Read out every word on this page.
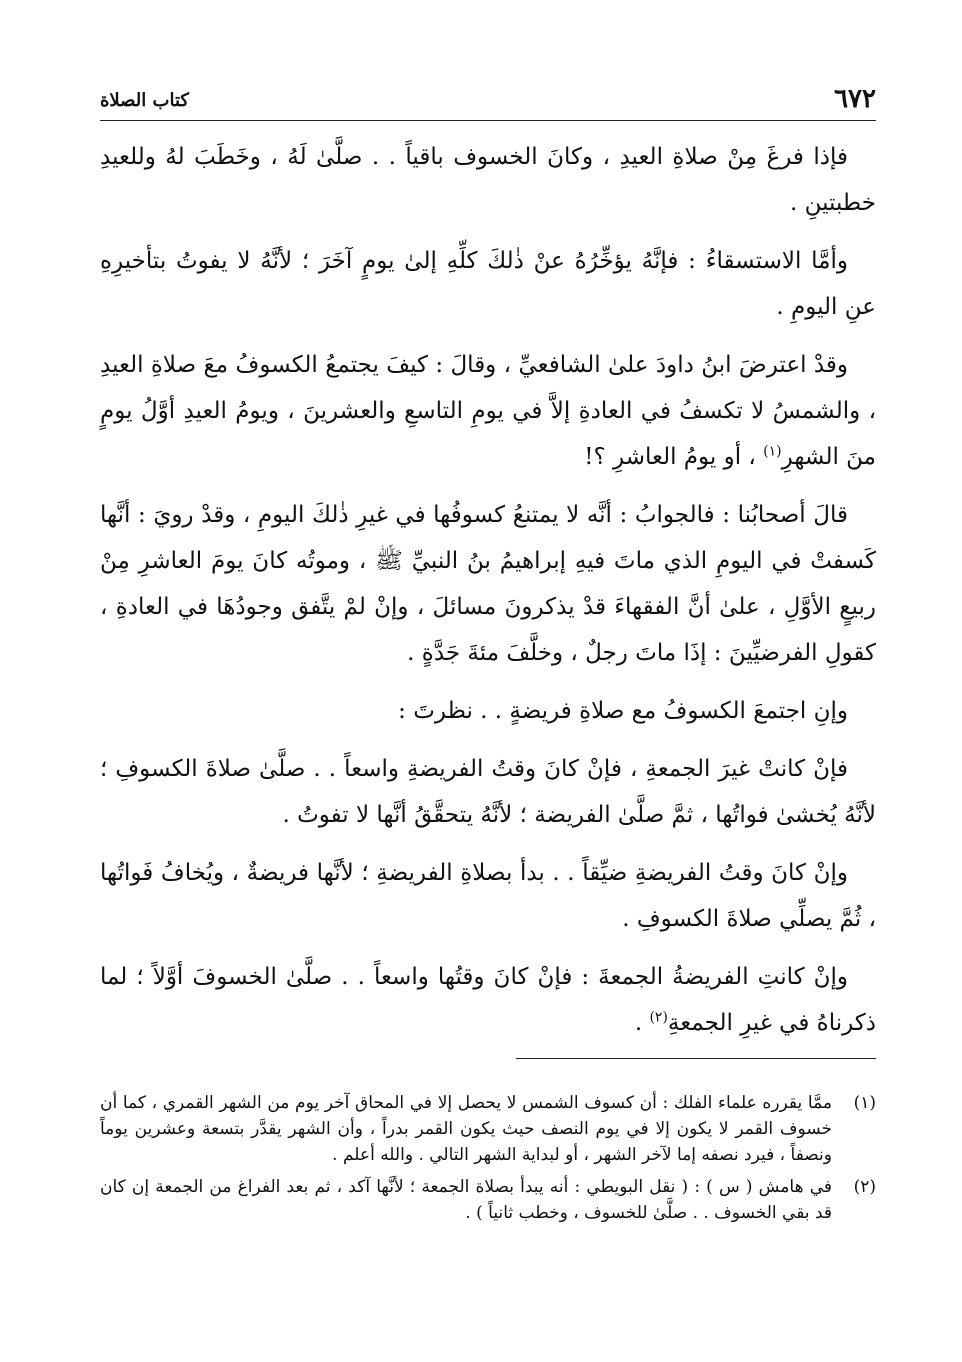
٦٧٢
كتاب الصلاة

فإذا فرغَ مِنْ صلاةِ العيدِ ، وكانَ الخسوف باقياً . . صلَّىٰ لَهُ ، وخَطَبَ لهُ وللعيدِ خطبتينِ .

وأمَّا الاستسقاءُ : فإنَّهُ يؤخِّرُهُ عنْ ذٰلكَ كلِّهِ إلىٰ يومٍ آخَرَ ؛ لأنَّهُ لا يفوتُ بتأخيرِهِ عنِ اليومِ .

وقدْ اعترضَ ابنُ داودَ علىٰ الشافعيِّ ، وقالَ : كيفَ يجتمعُ الكسوفُ معَ صلاةِ العيدِ ، والشمسُ لا تكسفُ في العادةِ إلاَّ في يومِ التاسعِ والعشرينَ ، ويومُ العيدِ أوَّلُ يومٍ منَ الشهرِ$^{(١)}$ ، أو يومُ العاشرِ ؟!

قالَ أصحابُنا : فالجوابُ : أنَّه لا يمتنعُ كسوفُها في غيرِ ذٰلكَ اليومِ ، وقدْ رويَ : أنَّها كَسفتْ في اليومِ الذي ماتَ فيهِ إبراهيمُ بنُ النبيِّ ﷺ ، وموتُه كانَ يومَ العاشرِ مِنْ ربيعٍ الأوَّلِ ، علىٰ أنَّ الفقهاءَ قدْ يذكرونَ مسائلَ ، وإنْ لمْ يتَّفق وجودُهَا في العادةِ ، كقولِ الفرضيِّينَ : إذَا ماتَ رجلٌ ، وخلَّفَ مئةَ جَدَّةٍ .

وإنِ اجتمعَ الكسوفُ مع صلاةِ فريضةٍ . . نظرتَ :

فإنْ كانتْ غيرَ الجمعةِ ، فإنْ كانَ وقتُ الفريضةِ واسعاً . . صلَّىٰ صلاةَ الكسوفِ ؛ لأنَّهُ يُخشىٰ فواتُها ، ثمَّ صلَّىٰ الفريضة ؛ لأنَّهُ يتحقَّقُ أنَّها لا تفوتُ .

وإنْ كانَ وقتُ الفريضةِ ضيِّقاً . . بدأ بصلاةِ الفريضةِ ؛ لأنَّها فريضةٌ ، ويُخافُ فَواتُها ، ثُمَّ يصلِّي صلاةَ الكسوفِ .

وإنْ كانتِ الفريضةُ الجمعةَ : فإنْ كانَ وقتُها واسعاً . . صلَّىٰ الخسوفَ أوَّلاً ؛ لما ذكرناهُ في غيرِ الجمعةِ$^{(٢)}$ .

(١)
ممَّا يقرره علماء الفلك : أن كسوف الشمس لا يحصل إلا في المحاق آخر يوم من الشهر القمري ، كما أن خسوف القمر لا يكون إلا في يوم النصف حيث يكون القمر بدراً ، وأن الشهر يقدَّر بتسعة وعشرين يوماً ونصفاً ، فيرد نصفه إما لآخر الشهر ، أو لبداية الشهر التالي . والله أعلم .
(٢)
في هامش ( س ) : ( نقل البويطي : أنه يبدأ بصلاة الجمعة ؛ لأنَّها آكد ، ثم بعد الفراغ من الجمعة إن كان قد بقي الخسوف . . صلَّىٰ للخسوف ، وخطب ثانياً ) .
